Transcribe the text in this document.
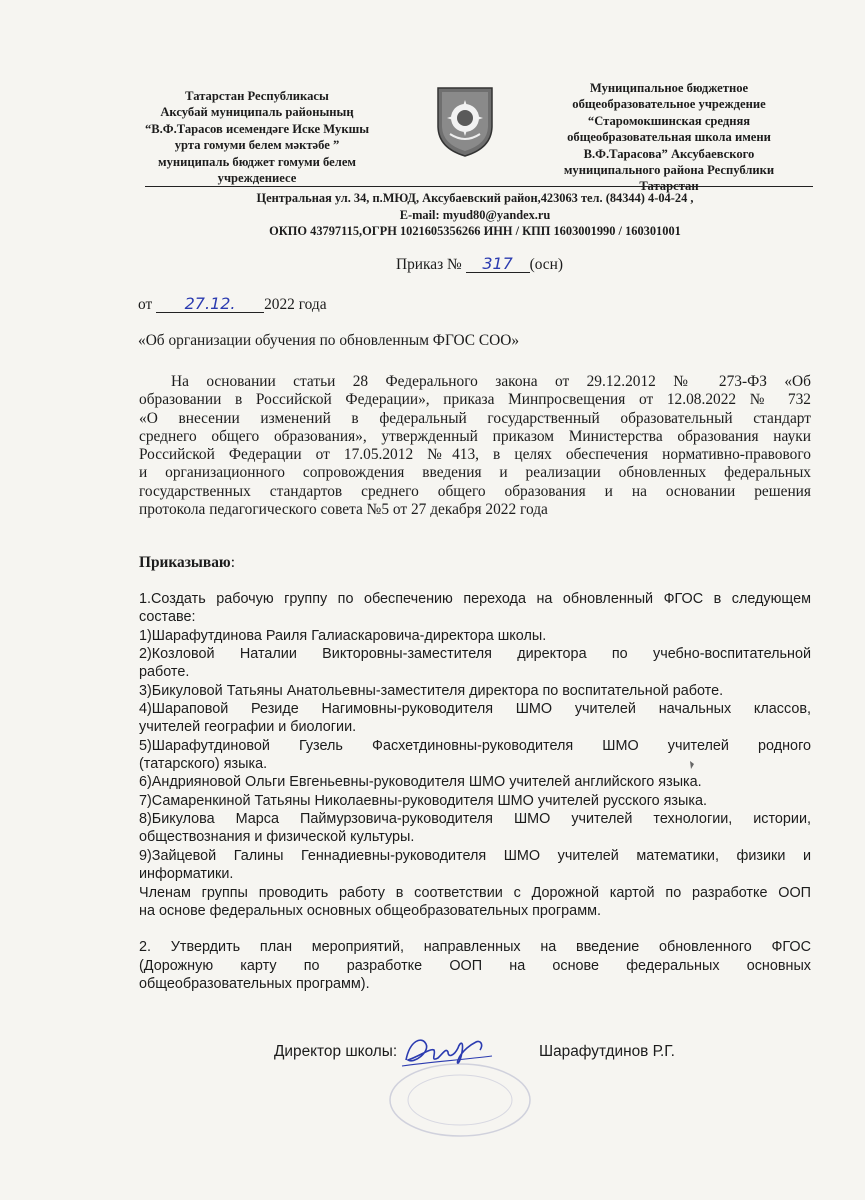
Татарстан Республикасы
Аксубай муниципаль районының
“В.Ф.Тарасов исемендәге Иске Мукшы
урта гомуми белем мәктәбе ”
муниципаль бюджет гомуми белем
учреждениесе
Муниципальное бюджетное
общеобразовательное учреждение
“Старомокшинская средняя
общеобразовательная школа имени
В.Ф.Тарасова” Аксубаевского
муниципального района Республики
Татарстан
Центральная ул. 34, п.МЮД, Аксубаевский район,423063 тел. (84344) 4-04-24 ,
E-mail: myud80@yandex.ru
ОКПО 43797115,ОГРН 1021605356266 ИНН / КПП 1603001990 / 160301001
Приказ № 317 (осн)
от 27.12. 2022 года
«Об организации обучения по обновленным ФГОС СОО»

На основании статьи 28 Федерального закона от 29.12.2012 № 273-ФЗ «Об

образовании в Российской Федерации», приказа Минпросвещения от 12.08.2022 № 732

«О внесении изменений в федеральный государственный образовательный стандарт

среднего общего образования», утвержденный приказом Министерства образования науки

Российской Федерации от 17.05.2012 №413, в целях обеспечения нормативно-правового

и организационного сопровождения введения и реализации обновленных федеральных

государственных стандартов среднего общего образования и на основании решения

протокола педагогического совета №5 от 27 декабря 2022 года

Приказываю:

1.Создать рабочую группу по обеспечению перехода на обновленный ФГОС в следующем

составе:

1)Шарафутдинова Раиля Галиаскаровича-директора школы.

2)Козловой Наталии Викторовны-заместителя директора по учебно-воспитательной

работе.

3)Бикуловой Татьяны Анатольевны-заместителя директора по воспитательной работе.

4)Шараповой Резиде Нагимовны-руководителя ШМО учителей начальных классов,

учителей географии и биологии.

5)Шарафутдиновой Гузель Фасхетдиновны-руководителя ШМО учителей родного

(татарского) языка.

6)Андрияновой Ольги Евгеньевны-руководителя ШМО учителей английского языка.

7)Самаренкиной Татьяны Николаевны-руководителя ШМО учителей русского языка.

8)Бикулова Марса Паймурзовича-руководителя ШМО учителей технологии, истории,

обществознания и физической культуры.

9)Зайцевой Галины Геннадиевны-руководителя ШМО учителей математики, физики и

информатики.

Членам группы проводить работу в соответствии с Дорожной картой по разработке ООП

на основе федеральных основных общеобразовательных программ.

2. Утвердить план мероприятий, направленных на введение обновленного ФГОС

(Дорожную карту по разработке ООП на основе федеральных основных

общеобразовательных программ).

Директор школы:	Шарафутдинов Р.Г.
